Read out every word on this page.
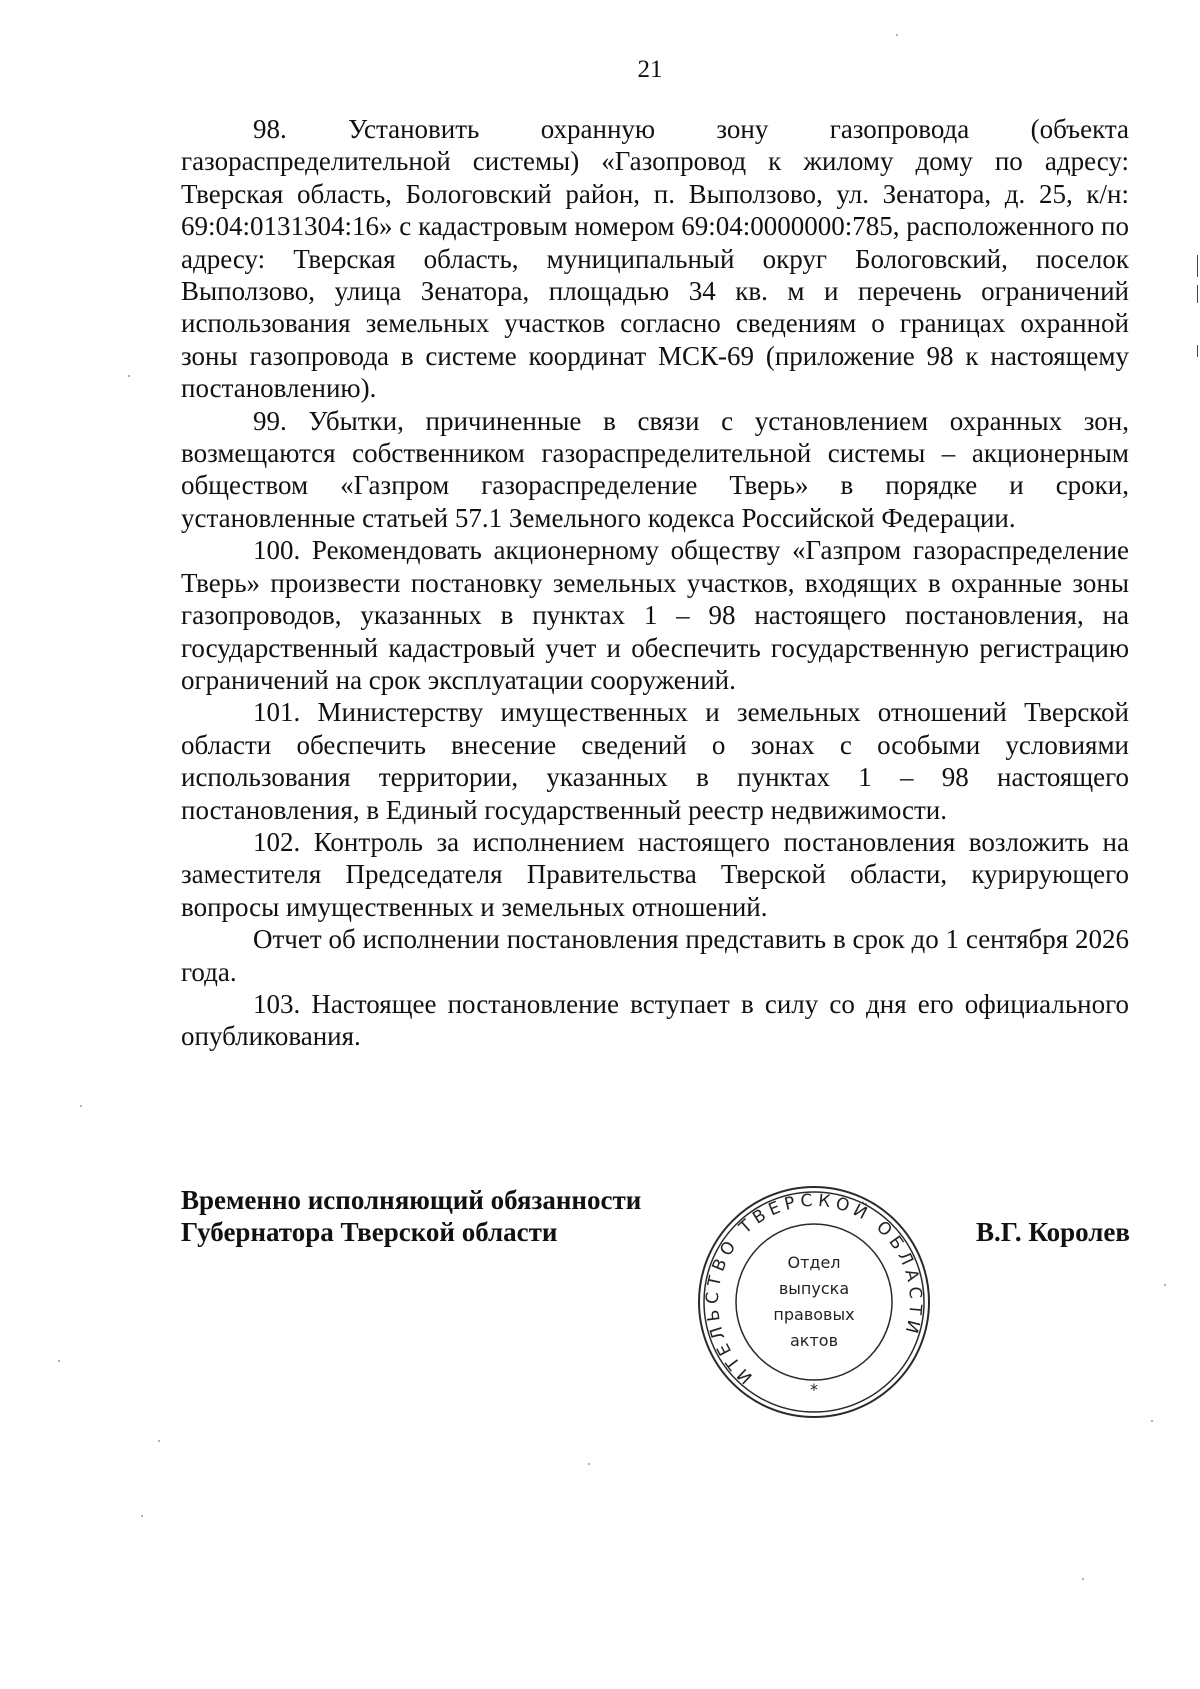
21

98. Установить охранную зону газопровода (объекта газораспределительной системы) «Газопровод к жилому дому по адресу: Тверская область, Бологовский район, п. Выползово, ул. Зенатора, д. 25, к/н: 69:04:0131304:16» с кадастровым номером 69:04:0000000:785, расположенного по адресу: Тверская область, муниципальный округ Бологовский, поселок Выползово, улица Зенатора, площадью 34 кв. м и перечень ограничений использования земельных участков согласно сведениям о границах охранной зоны газопровода в системе координат МСК-69 (приложение 98 к настоящему постановлению).

99. Убытки, причиненные в связи с установлением охранных зон, возмещаются собственником газораспределительной системы – акционерным обществом «Газпром газораспределение Тверь» в порядке и сроки, установленные статьей 57.1 Земельного кодекса Российской Федерации.

100. Рекомендовать акционерному обществу «Газпром газораспределение Тверь» произвести постановку земельных участков, входящих в охранные зоны газопроводов, указанных в пунктах 1 – 98 настоящего постановления, на государственный кадастровый учет и обеспечить государственную регистрацию ограничений на срок эксплуатации сооружений.

101. Министерству имущественных и земельных отношений Тверской области обеспечить внесение сведений о зонах с особыми условиями использования территории, указанных в пунктах 1 – 98 настоящего постановления, в Единый государственный реестр недвижимости.

102. Контроль за исполнением настоящего постановления возложить на заместителя Председателя Правительства Тверской области, курирующего вопросы имущественных и земельных отношений.

Отчет об исполнении постановления представить в срок до 1 сентября 2026 года.

103. Настоящее постановление вступает в силу со дня его официального опубликования.

Временно исполняющий обязанности
Губернатора Тверской области
ПРАВИТЕЛЬСТВО ТВЕРСКОЙ ОБЛАСТИ
*
Отдел
выпуска
правовых
актов
В.Г. Королев
